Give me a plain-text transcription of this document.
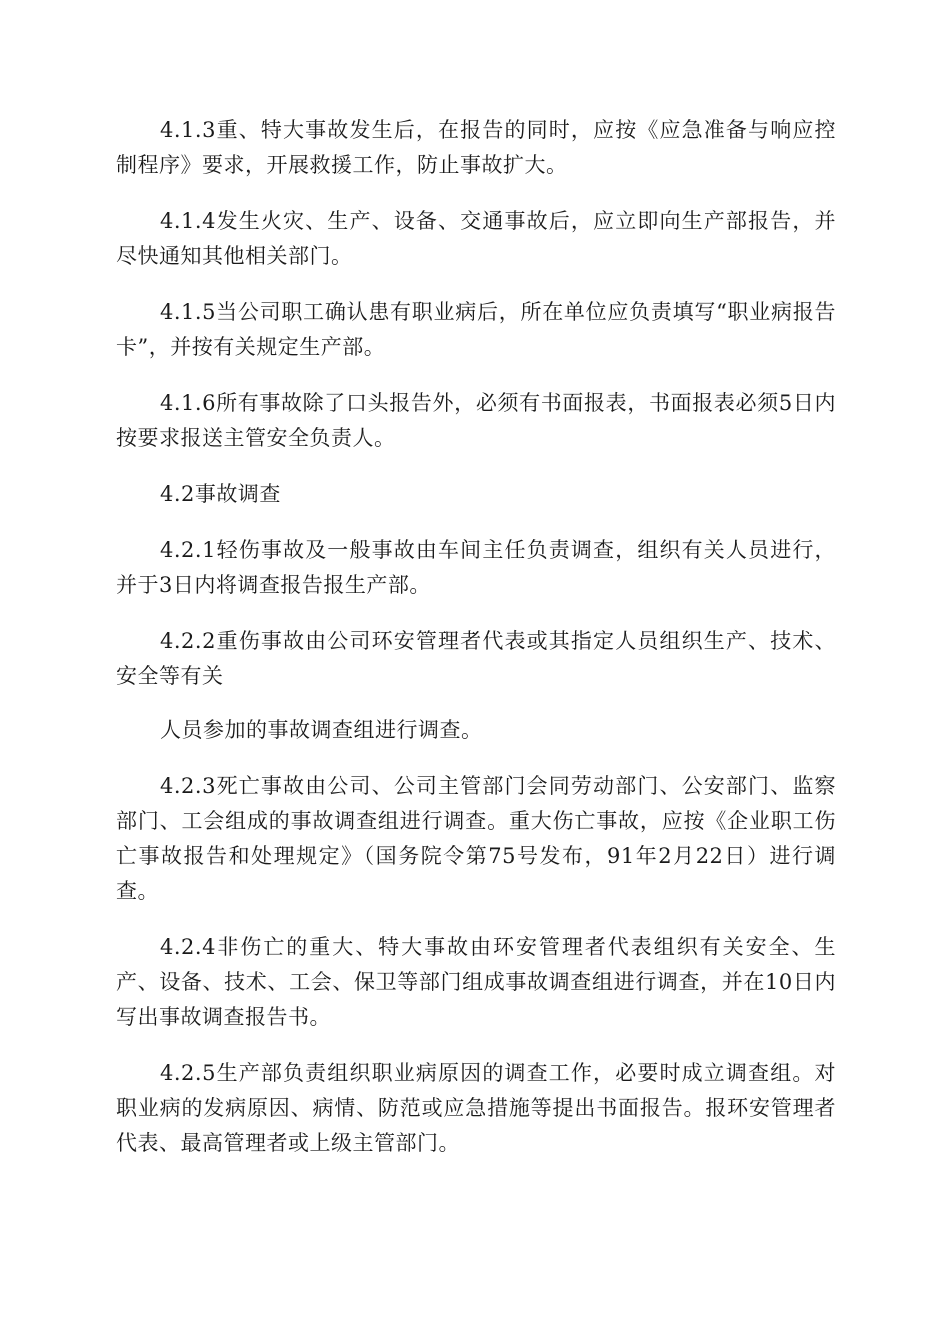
4.1.3重、特大事故发生后，在报告的同时，应按《应急准备与响应控制程序》要求，开展救援工作，防止事故扩大。

4.1.4发生火灾、生产、设备、交通事故后，应立即向生产部报告，并尽快通知其他相关部门。

4.1.5当公司职工确认患有职业病后，所在单位应负责填写“职业病报告卡”，并按有关规定生产部。

4.1.6所有事故除了口头报告外，必须有书面报表，书面报表必须5日内按要求报送主管安全负责人。

4.2事故调查

4.2.1轻伤事故及一般事故由车间主任负责调查，组织有关人员进行，并于3日内将调查报告报生产部。

4.2.2重伤事故由公司环安管理者代表或其指定人员组织生产、技术、安全等有关

人员参加的事故调查组进行调查。

4.2.3死亡事故由公司、公司主管部门会同劳动部门、公安部门、监察部门、工会组成的事故调查组进行调查。重大伤亡事故，应按《企业职工伤亡事故报告和处理规定》（国务院令第75号发布，91年2月22日）进行调查。

4.2.4非伤亡的重大、特大事故由环安管理者代表组织有关安全、生产、设备、技术、工会、保卫等部门组成事故调查组进行调查，并在10日内写出事故调查报告书。

4.2.5生产部负责组织职业病原因的调查工作，必要时成立调查组。对职业病的发病原因、病情、防范或应急措施等提出书面报告。报环安管理者代表、最高管理者或上级主管部门。
